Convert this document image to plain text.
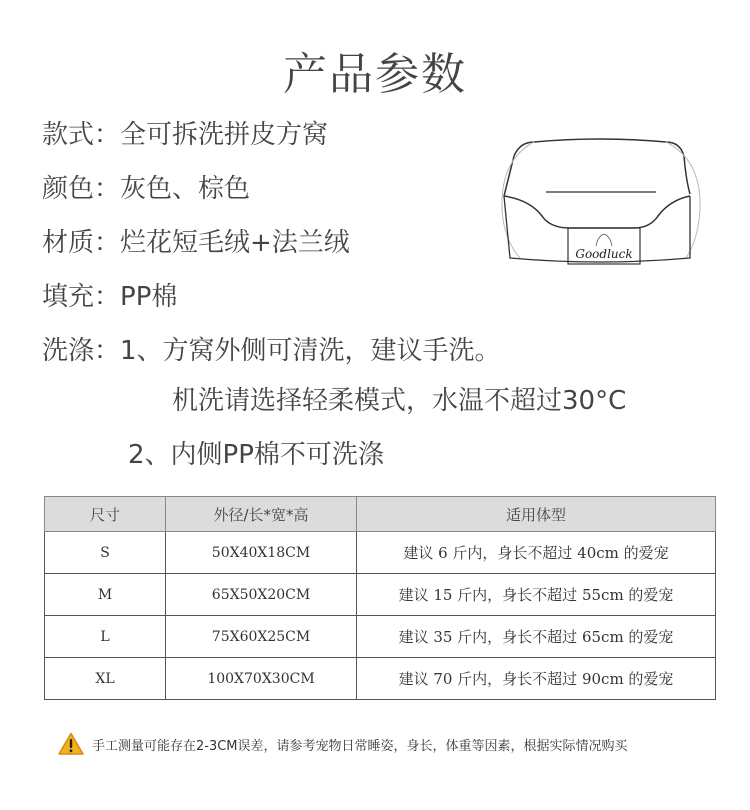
产品参数
款式：全可拆洗拼皮方窝
颜色：灰色、棕色
材质：烂花短毛绒+法兰绒
填充：PP棉
洗涤：1、方窝外侧可清洗，建议手洗。
机洗请选择轻柔模式，水温不超过30°C
2、内侧PP棉不可洗涤
Goodluck
尺寸	外径/长*宽*高	适用体型
S	50X40X18CM	建议 6 斤内，身长不超过 40cm 的爱宠
M	65X50X20CM	建议 15 斤内，身长不超过 55cm 的爱宠
L	75X60X25CM	建议 35 斤内，身长不超过 65cm 的爱宠
XL	100X70X30CM	建议 70 斤内，身长不超过 90cm 的爱宠
手工测量可能存在2-3CM误差，请参考宠物日常睡姿，身长，体重等因素，根据实际情况购买
